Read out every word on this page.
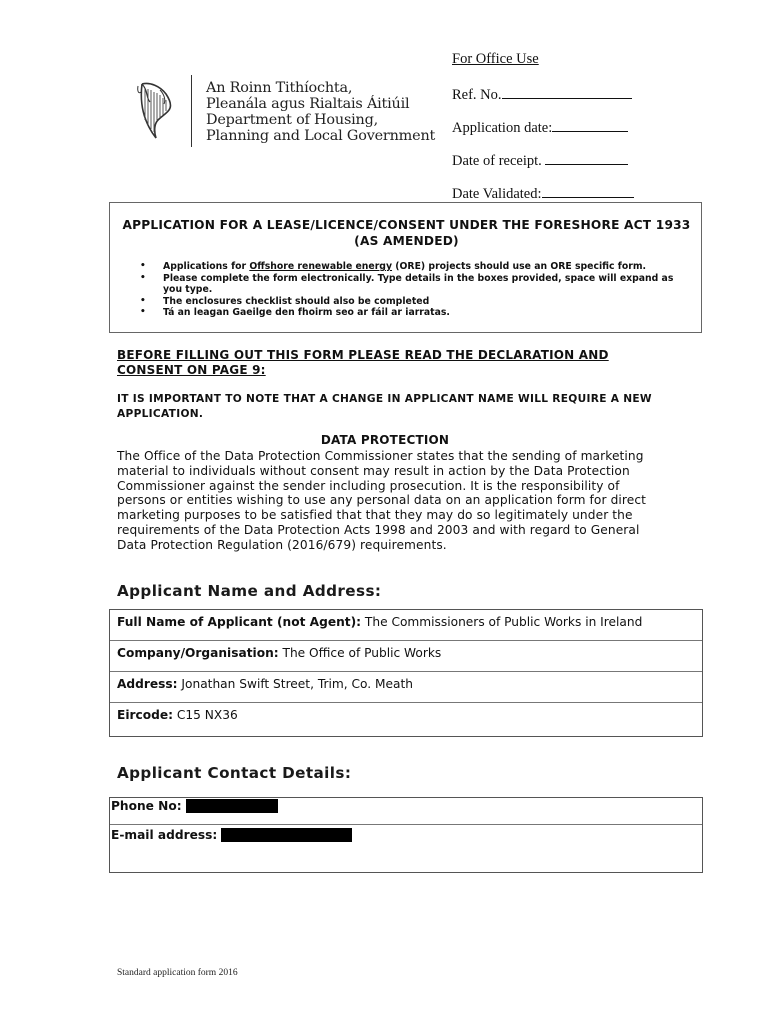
An Roinn Tithíochta,
Pleanála agus Rialtais Áitiúil
Department of Housing,
Planning and Local Government
For Office Use
Ref. No.
Application date:
Date of receipt.
Date Validated:
APPLICATION FOR A LEASE/LICENCE/CONSENT UNDER THE FORESHORE ACT 1933 (AS AMENDED)
• Applications for Offshore renewable energy (ORE) projects should use an ORE specific form.
• Please complete the form electronically. Type details in the boxes provided, space will expand as you type.
• The enclosures checklist should also be completed
• Tá an leagan Gaeilge den fhoirm seo ar fáil ar iarratas.
BEFORE FILLING OUT THIS FORM PLEASE READ THE DECLARATION AND CONSENT ON PAGE 9:
IT IS IMPORTANT TO NOTE THAT A CHANGE IN APPLICANT NAME WILL REQUIRE A NEW APPLICATION.
DATA PROTECTION
The Office of the Data Protection Commissioner states that the sending of marketing material to individuals without consent may result in action by the Data Protection Commissioner against the sender including prosecution. It is the responsibility of persons or entities wishing to use any personal data on an application form for direct marketing purposes to be satisfied that that they may do so legitimately under the requirements of the Data Protection Acts 1998 and 2003 and with regard to General Data Protection Regulation (2016/679) requirements.
Applicant Name and Address:
Full Name of Applicant (not Agent): The Commissioners of Public Works in Ireland
Company/Organisation: The Office of Public Works
Address: Jonathan Swift Street, Trim, Co. Meath
Eircode: C15 NX36
Applicant Contact Details:
Phone No:
E-mail address:
Standard application form 2016
